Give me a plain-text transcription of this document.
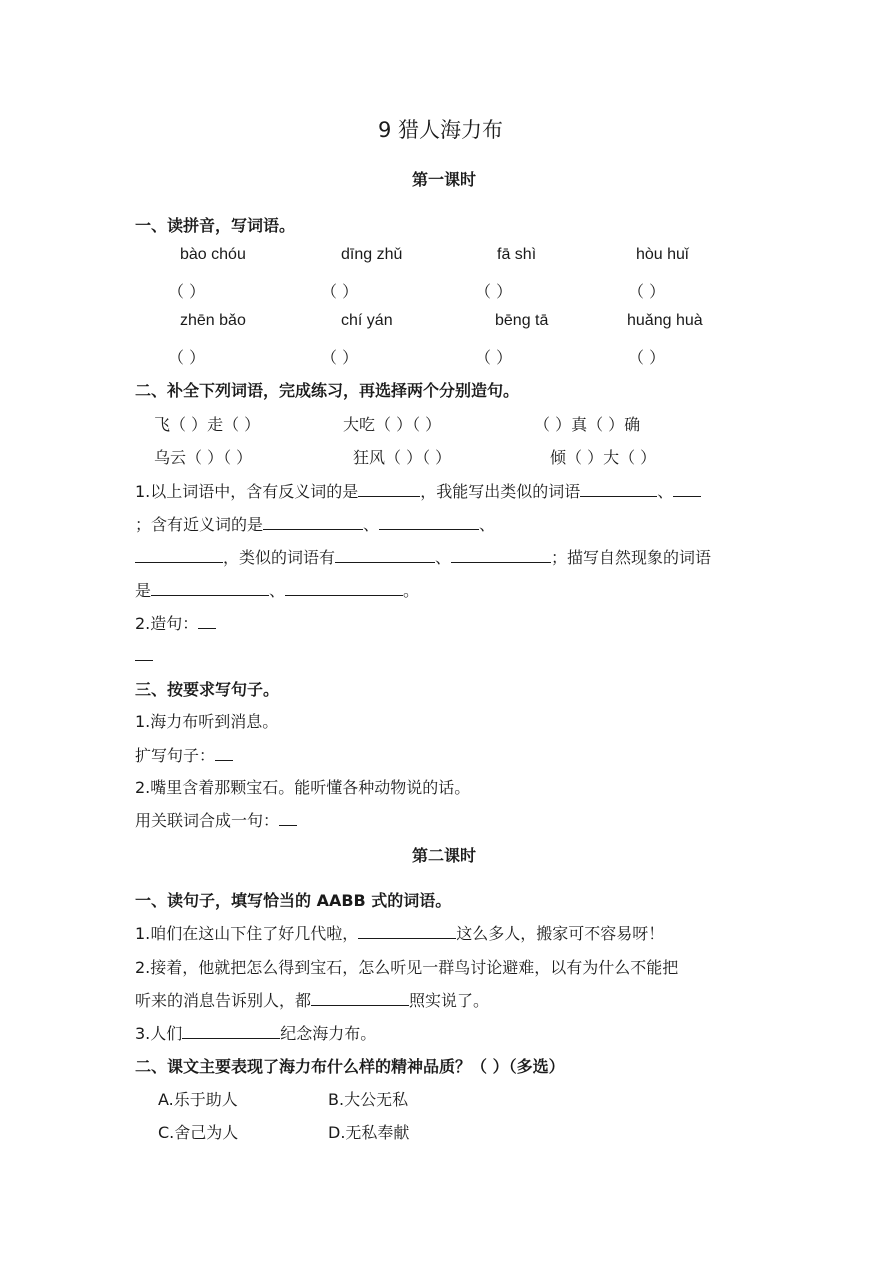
9 猎人海力布
第一课时
一、读拼音，写词语。
bào chóu	dīng zhǔ	fā shì	hòu huǐ
（ ）	（ ）	（ ）	（ ）
zhēn bǎo	chí yán	bēng tā	huǎng huà
（ ）	（ ）	（ ）	（ ）
二、补全下列词语，完成练习，再选择两个分别造句。
飞（ ）走（ ）	大吃（ ）（ ）	（ ）真（ ）确
乌云（ ）（ ）	狂风（ ）（ ）	倾（ ）大（ ）
1.以上词语中，含有反义词的是	，我能写出类似的词语	、
；含有近义词的是	、	、
，类似的词语有	、	；描写自然现象的词语
是	、	。
2.造句：
三、按要求写句子。
1.海力布听到消息。
扩写句子：
2.嘴里含着那颗宝石。能听懂各种动物说的话。
用关联词合成一句：
第二课时
一、读句子，填写恰当的 AABB 式的词语。
1.咱们在这山下住了好几代啦，	这么多人，搬家可不容易呀！
2.接着，他就把怎么得到宝石，怎么听见一群鸟讨论避难，以有为什么不能把
听来的消息告诉别人，都	照实说了。
3.人们	纪念海力布。
二、课文主要表现了海力布什么样的精神品质？（ ）（多选）
A.乐于助人	B.大公无私
C.舍己为人	D.无私奉献
